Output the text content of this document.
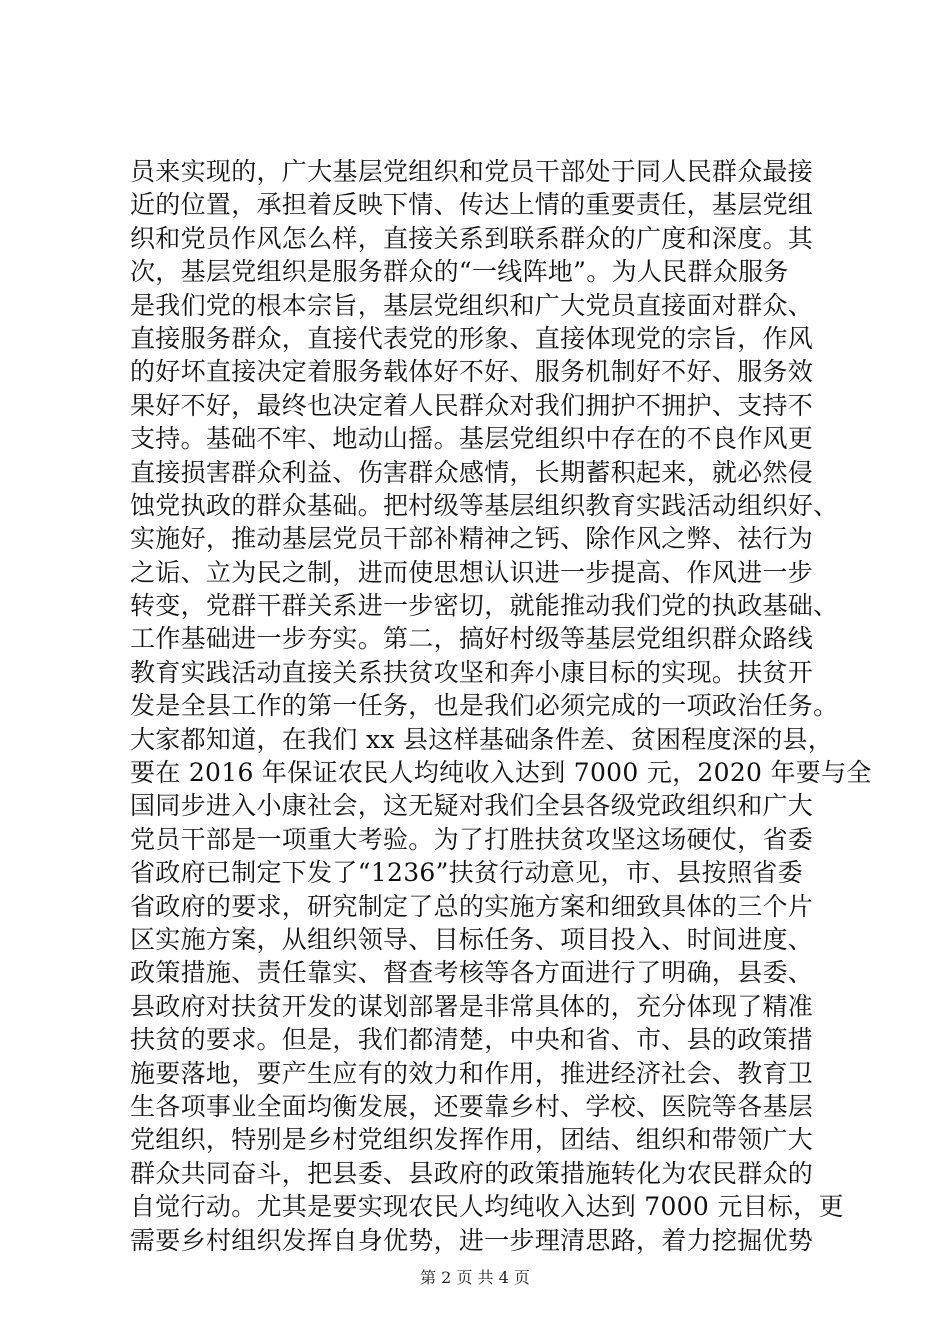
员来实现的，广大基层党组织和党员干部处于同人民群众最接
近的位置，承担着反映下情、传达上情的重要责任，基层党组
织和党员作风怎么样，直接关系到联系群众的广度和深度。其
次，基层党组织是服务群众的“一线阵地”。为人民群众服务
是我们党的根本宗旨，基层党组织和广大党员直接面对群众、
直接服务群众，直接代表党的形象、直接体现党的宗旨，作风
的好坏直接决定着服务载体好不好、服务机制好不好、服务效
果好不好，最终也决定着人民群众对我们拥护不拥护、支持不
支持。基础不牢、地动山摇。基层党组织中存在的不良作风更
直接损害群众利益、伤害群众感情，长期蓄积起来，就必然侵
蚀党执政的群众基础。把村级等基层组织教育实践活动组织好、
实施好，推动基层党员干部补精神之钙、除作风之弊、祛行为
之诟、立为民之制，进而使思想认识进一步提高、作风进一步
转变，党群干群关系进一步密切，就能推动我们党的执政基础、
工作基础进一步夯实。第二，搞好村级等基层党组织群众路线
教育实践活动直接关系扶贫攻坚和奔小康目标的实现。扶贫开
发是全县工作的第一任务，也是我们必须完成的一项政治任务。
大家都知道，在我们 xx 县这样基础条件差、贫困程度深的县，
要在 2016 年保证农民人均纯收入达到 7000 元，2020 年要与全
国同步进入小康社会，这无疑对我们全县各级党政组织和广大
党员干部是一项重大考验。为了打胜扶贫攻坚这场硬仗，省委
省政府已制定下发了“1236”扶贫行动意见，市、县按照省委
省政府的要求，研究制定了总的实施方案和细致具体的三个片
区实施方案，从组织领导、目标任务、项目投入、时间进度、
政策措施、责任靠实、督查考核等各方面进行了明确，县委、
县政府对扶贫开发的谋划部署是非常具体的，充分体现了精准
扶贫的要求。但是，我们都清楚，中央和省、市、县的政策措
施要落地，要产生应有的效力和作用，推进经济社会、教育卫
生各项事业全面均衡发展，还要靠乡村、学校、医院等各基层
党组织，特别是乡村党组织发挥作用，团结、组织和带领广大
群众共同奋斗，把县委、县政府的政策措施转化为农民群众的
自觉行动。尤其是要实现农民人均纯收入达到 7000 元目标，更
需要乡村组织发挥自身优势，进一步理清思路，着力挖掘优势
第 2 页 共 4 页
